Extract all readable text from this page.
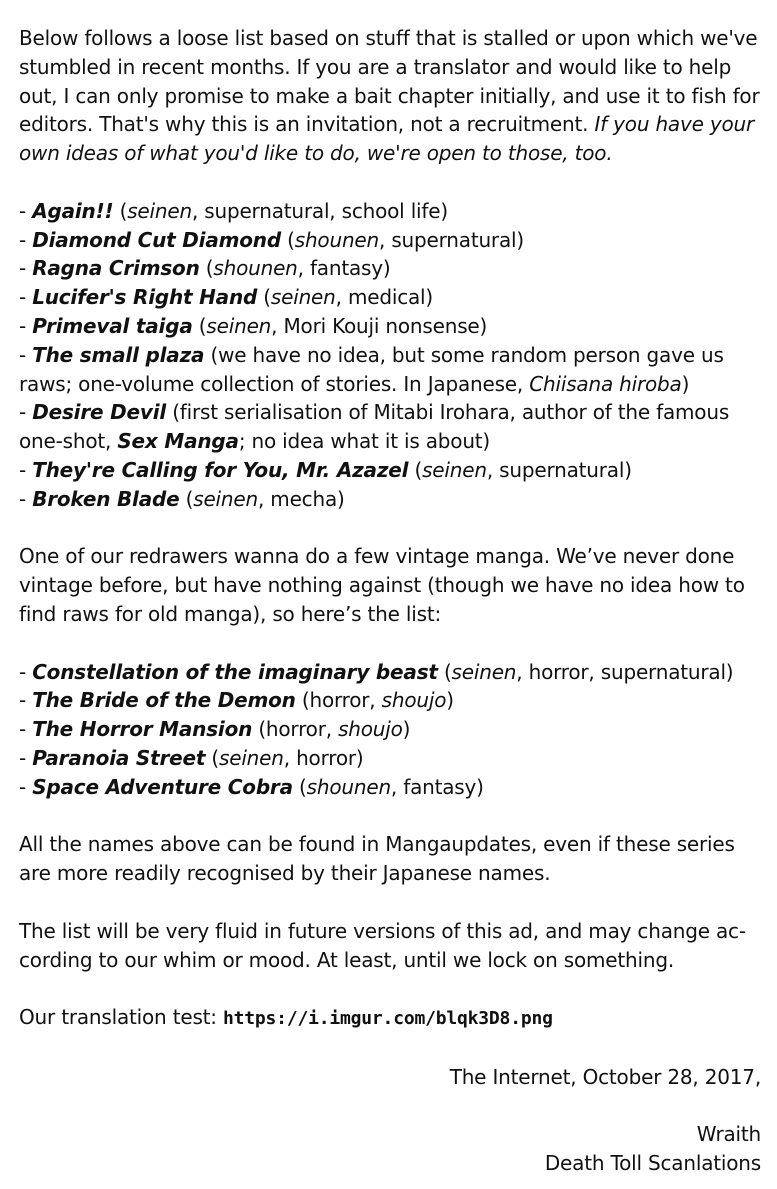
Below follows a loose list based on stuff that is stalled or upon which we've stumbled in recent months. If you are a translator and would like to help out, I can only promise to make a bait chapter initially, and use it to fish for editors. That's why this is an invitation, not a recruitment. If you have your own ideas of what you'd like to do, we're open to those, too.

- Again!! (seinen, supernatural, school life)

- Diamond Cut Diamond (shounen, supernatural)

- Ragna Crimson (shounen, fantasy)

- Lucifer's Right Hand (seinen, medical)

- Primeval taiga (seinen, Mori Kouji nonsense)

- The small plaza (we have no idea, but some random person gave us raws; one-volume collection of stories. In Japanese, Chiisana hiroba)

- Desire Devil (first serialisation of Mitabi Irohara, author of the famous one-shot, Sex Manga; no idea what it is about)

- They're Calling for You, Mr. Azazel (seinen, supernatural)

- Broken Blade (seinen, mecha)

One of our redrawers wanna do a few vintage manga. We’ve never done vintage before, but have nothing against (though we have no idea how to find raws for old manga), so here’s the list:

- Constellation of the imaginary beast (seinen, horror, supernatural)

- The Bride of the Demon (horror, shoujo)

- The Horror Mansion (horror, shoujo)

- Paranoia Street (seinen, horror)

- Space Adventure Cobra (shounen, fantasy)

All the names above can be found in Mangaupdates, even if these series are more readily recognised by their Japanese names.

The list will be very fluid in future versions of this ad, and may change ac-cording to our whim or mood. At least, until we lock on something.

Our translation test: https://i.imgur.com/blqk3D8.png

The Internet, October 28, 2017,

Wraith

Death Toll Scanlations
